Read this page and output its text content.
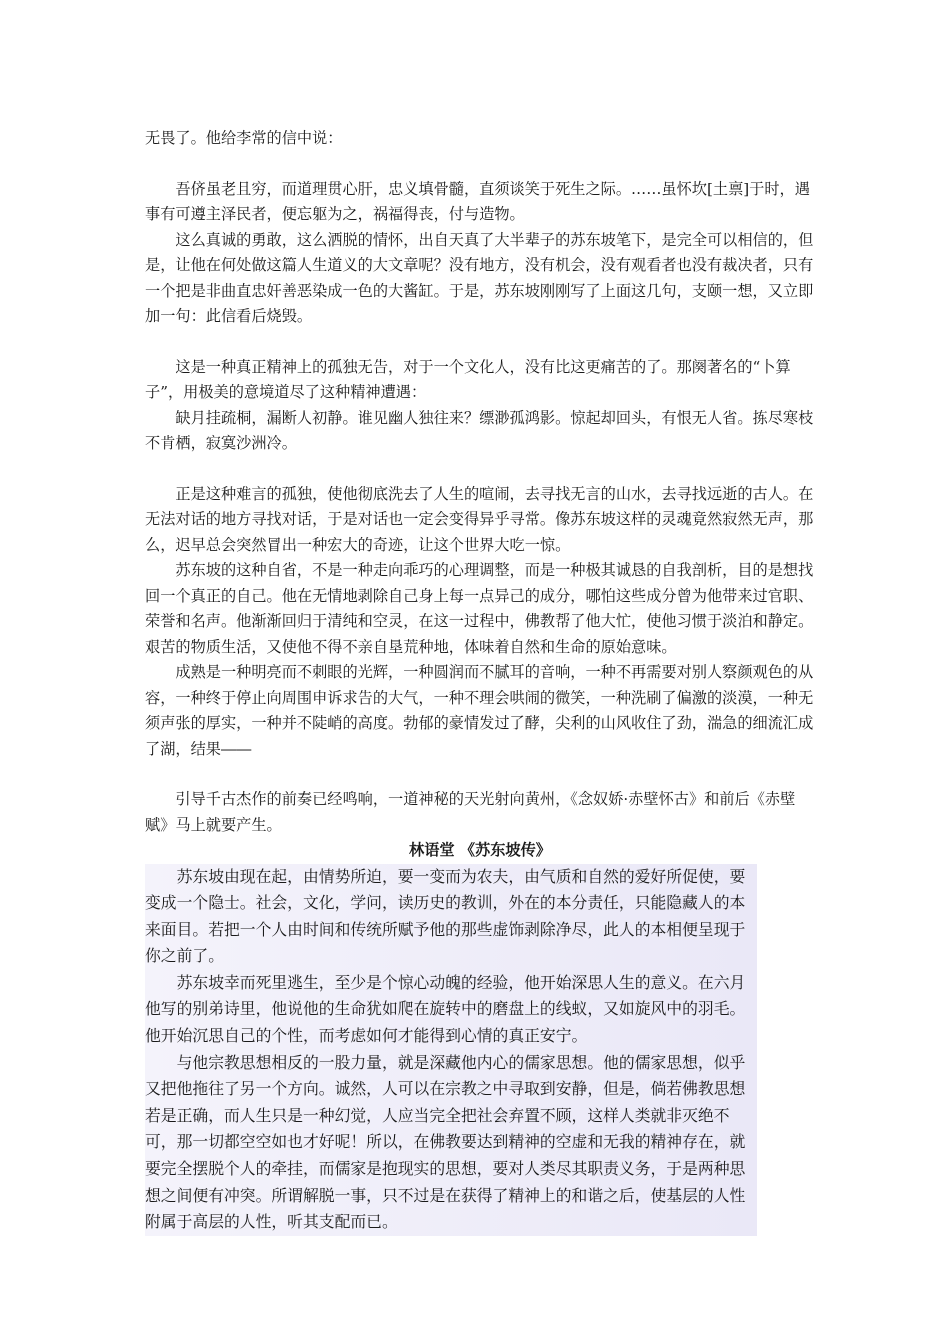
无畏了。他给李常的信中说：

吾侪虽老且穷，而道理贯心肝，忠义填骨髓，直须谈笑于死生之际。……虽怀坎[土禀]于时，遇事有可遵主泽民者，便忘躯为之，祸福得丧，付与造物。

这么真诚的勇敢，这么洒脱的情怀，出自天真了大半辈子的苏东坡笔下，是完全可以相信的，但是，让他在何处做这篇人生道义的大文章呢？没有地方，没有机会，没有观看者也没有裁决者，只有一个把是非曲直忠奸善恶染成一色的大酱缸。于是，苏东坡刚刚写了上面这几句，支颐一想，又立即加一句：此信看后烧毁。

这是一种真正精神上的孤独无告，对于一个文化人，没有比这更痛苦的了。那阕著名的“卜算子”，用极美的意境道尽了这种精神遭遇：

缺月挂疏桐，漏断人初静。谁见幽人独往来？缥渺孤鸿影。惊起却回头，有恨无人省。拣尽寒枝不肯栖，寂寞沙洲冷。

正是这种难言的孤独，使他彻底洗去了人生的喧闹，去寻找无言的山水，去寻找远逝的古人。在无法对话的地方寻找对话，于是对话也一定会变得异乎寻常。像苏东坡这样的灵魂竟然寂然无声，那么，迟早总会突然冒出一种宏大的奇迹，让这个世界大吃一惊。

苏东坡的这种自省，不是一种走向乖巧的心理调整，而是一种极其诚恳的自我剖析，目的是想找回一个真正的自己。他在无情地剥除自己身上每一点异己的成分，哪怕这些成分曾为他带来过官职、荣誉和名声。他渐渐回归于清纯和空灵，在这一过程中，佛教帮了他大忙，使他习惯于淡泊和静定。艰苦的物质生活，又使他不得不亲自垦荒种地，体味着自然和生命的原始意味。

成熟是一种明亮而不刺眼的光辉，一种圆润而不腻耳的音响，一种不再需要对别人察颜观色的从容，一种终于停止向周围申诉求告的大气，一种不理会哄闹的微笑，一种洗刷了偏激的淡漠，一种无须声张的厚实，一种并不陡峭的高度。勃郁的豪情发过了酵，尖利的山风收住了劲，湍急的细流汇成了湖，结果――

引导千古杰作的前奏已经鸣响，一道神秘的天光射向黄州，《念奴娇·赤壁怀古》和前后《赤壁赋》马上就要产生。

林语堂 《苏东坡传》

苏东坡由现在起，由情势所迫，要一变而为农夫，由气质和自然的爱好所促使，要变成一个隐士。社会，文化，学问，读历史的教训，外在的本分责任，只能隐藏人的本来面目。若把一个人由时间和传统所赋予他的那些虚饰剥除净尽，此人的本相便呈现于你之前了。

苏东坡幸而死里逃生，至少是个惊心动魄的经验，他开始深思人生的意义。在六月他写的别弟诗里，他说他的生命犹如爬在旋转中的磨盘上的线蚁，又如旋风中的羽毛。他开始沉思自己的个性，而考虑如何才能得到心情的真正安宁。

与他宗教思想相反的一股力量，就是深藏他内心的儒家思想。他的儒家思想，似乎又把他拖往了另一个方向。诚然，人可以在宗教之中寻取到安静，但是，倘若佛教思想若是正确，而人生只是一种幻觉，人应当完全把社会弃置不顾，这样人类就非灭绝不可，那一切都空空如也才好呢！所以，在佛教要达到精神的空虚和无我的精神存在，就要完全摆脱个人的牵挂，而儒家是抱现实的思想，要对人类尽其职责义务，于是两种思想之间便有冲突。所谓解脱一事，只不过是在获得了精神上的和谐之后，使基层的人性附属于高层的人性，听其支配而已。
